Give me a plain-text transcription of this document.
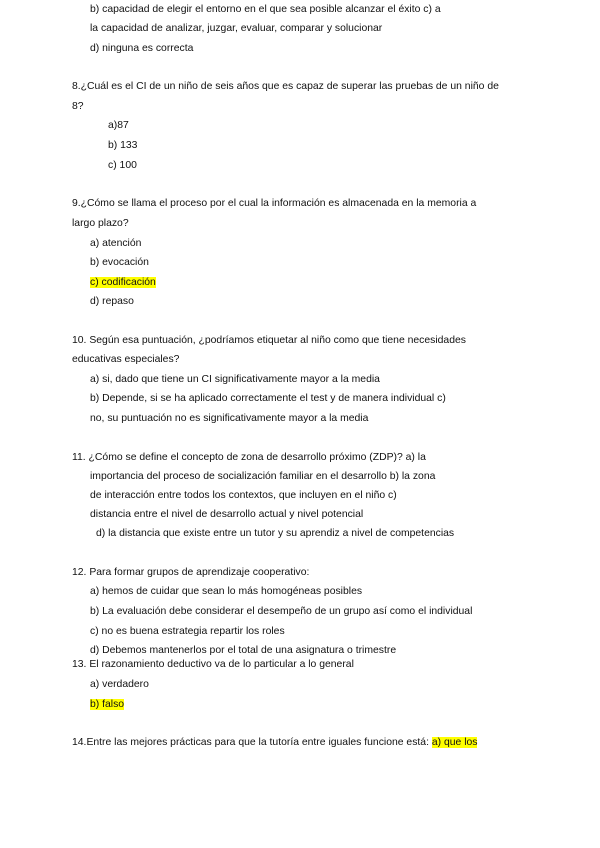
b) capacidad de elegir el entorno en el que sea posible alcanzar el éxito c) a
la capacidad de analizar, juzgar, evaluar, comparar y solucionar
d) ninguna es correcta
8.¿Cuál es el CI de un niño de seis años que es capaz de superar las pruebas de un niño de
8?
a)87
b) 133
c) 100
9.¿Cómo se llama el proceso por el cual la información es almacenada en la memoria a
largo plazo?
a) atención
b) evocación
c) codificación
d) repaso
10. Según esa puntuación, ¿podríamos etiquetar al niño como que tiene necesidades
educativas especiales?
a) si, dado que tiene un CI significativamente mayor a la media
b) Depende, si se ha aplicado correctamente el test y de manera individual c)
no, su puntuación no es significativamente mayor a la media
11. ¿Cómo se define el concepto de zona de desarrollo próximo (ZDP)? a) la
importancia del proceso de socialización familiar en el desarrollo b) la zona
de interacción entre todos los contextos, que incluyen en el niño c)
distancia entre el nivel de desarrollo actual y nivel potencial
d) la distancia que existe entre un tutor y su aprendiz a nivel de competencias
12. Para formar grupos de aprendizaje cooperativo:
a) hemos de cuidar que sean lo más homogéneas posibles
b) La evaluación debe considerar el desempeño de un grupo así como el individual
c) no es buena estrategia repartir los roles
d) Debemos mantenerlos por el total de una asignatura o trimestre
13. El razonamiento deductivo va de lo particular a lo general
a) verdadero
b) falso
14.Entre las mejores prácticas para que la tutoría entre iguales funcione está: a) que los
